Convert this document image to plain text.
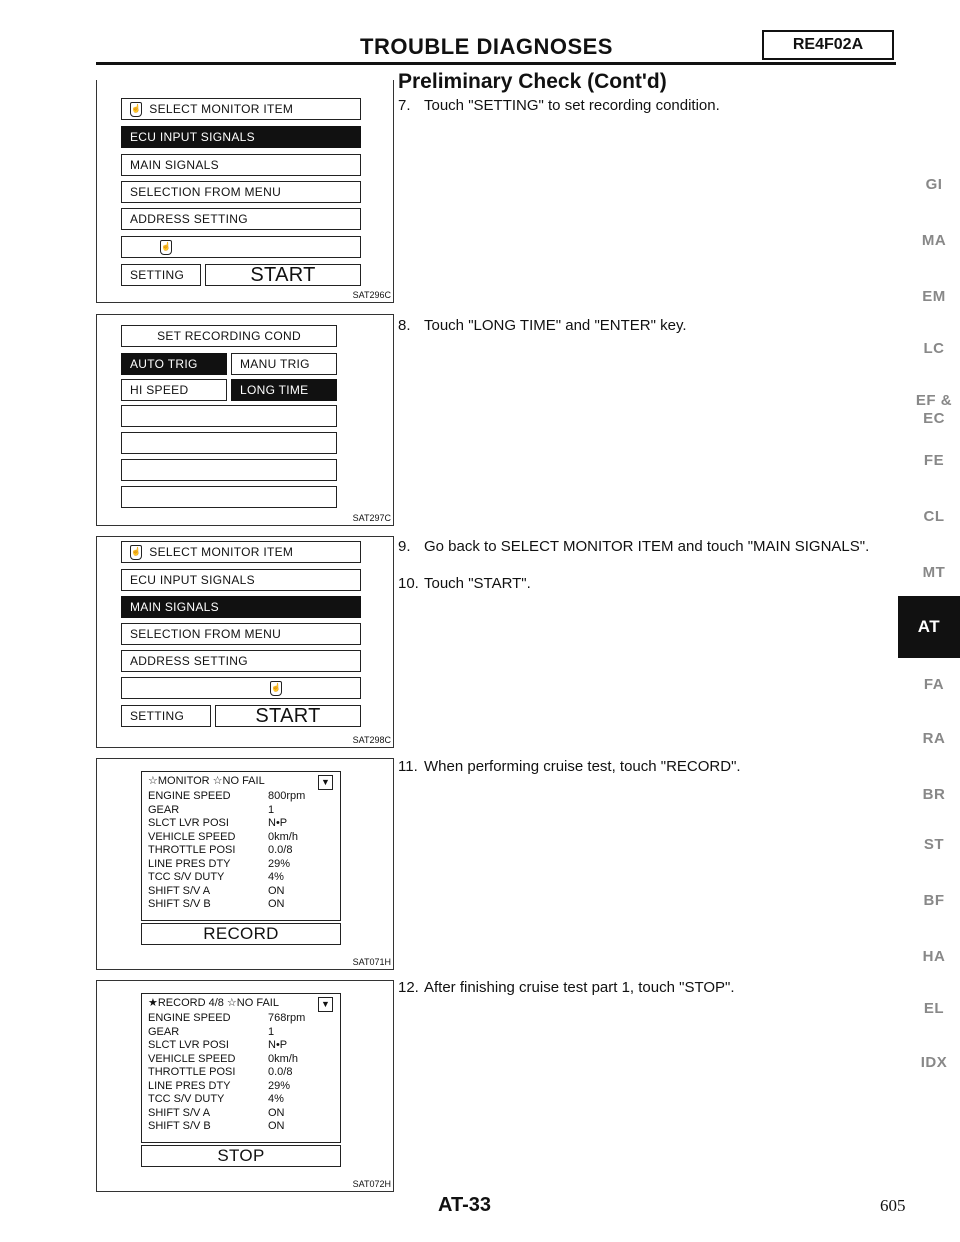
TROUBLE DIAGNOSES	RE4F02A
Preliminary Check (Cont'd)
7. Touch "SETTING" to set recording condition.
8. Touch "LONG TIME" and "ENTER" key.
9. Go back to SELECT MONITOR ITEM and touch "MAIN SIGNALS".
10. Touch "START".
11. When performing cruise test, touch "RECORD".
12. After finishing cruise test part 1, touch "STOP".
☝
SELECT MONITOR ITEM
ECU INPUT SIGNALS
MAIN SIGNALS
SELECTION FROM MENU
ADDRESS SETTING
☝
SETTING	START
SAT296C
SET RECORDING COND
AUTO TRIG	MANU TRIG
HI SPEED	LONG TIME
SAT297C
☝
SELECT MONITOR ITEM
ECU INPUT SIGNALS
MAIN SIGNALS
SELECTION FROM MENU
ADDRESS SETTING
☝
SETTING	START
SAT298C
☆MONITOR ☆NO FAIL	▼
ENGINE SPEED	800rpm
GEAR	1
SLCT LVR POSI	N•P
VEHICLE SPEED	0km/h
THROTTLE POSI	0.0/8
LINE PRES DTY	29%
TCC S/V DUTY	4%
SHIFT S/V A	ON
SHIFT S/V B	ON
RECORD
SAT071H
★RECORD 4/8 ☆NO FAIL	▼
ENGINE SPEED	768rpm
GEAR	1
SLCT LVR POSI	N•P
VEHICLE SPEED	0km/h
THROTTLE POSI	0.0/8
LINE PRES DTY	29%
TCC S/V DUTY	4%
SHIFT S/V A	ON
SHIFT S/V B	ON
STOP
SAT072H
GI
MA
EM
LC
EF &
EC
FE
CL
MT
AT
FA
RA
BR
ST
BF
HA
EL
IDX
AT-33	605
